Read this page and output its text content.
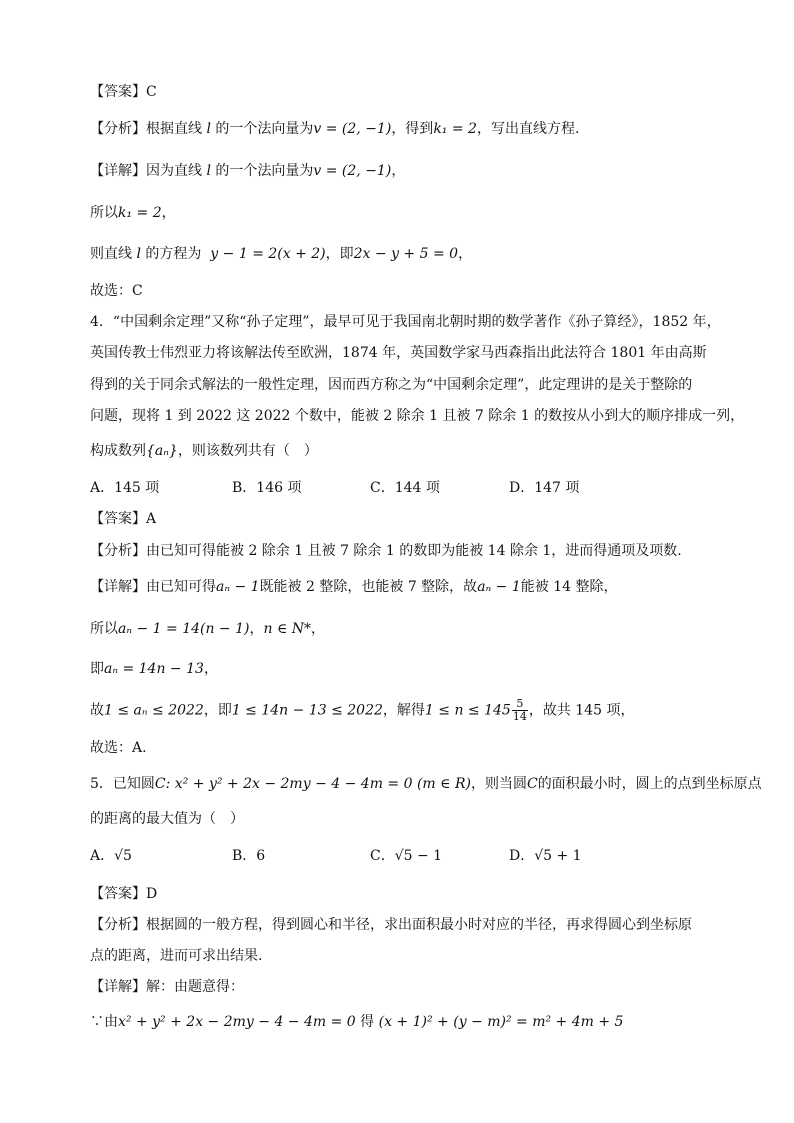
【答案】C
【分析】根据直线 l 的一个法向量为v = (2, −1)，得到k₁ = 2，写出直线方程.
【详解】因为直线 l 的一个法向量为v = (2, −1)，
所以k₁ = 2，
则直线 l 的方程为 y − 1 = 2(x + 2)，即2x − y + 5 = 0，
故选：C
4．“中国剩余定理”又称“孙子定理”，最早可见于我国南北朝时期的数学著作《孙子算经》，1852 年，
英国传教士伟烈亚力将该解法传至欧洲，1874 年，英国数学家马西森指出此法符合 1801 年由高斯
得到的关于同余式解法的一般性定理，因而西方称之为“中国剩余定理”，此定理讲的是关于整除的
问题，现将 1 到 2022 这 2022 个数中，能被 2 除余 1 且被 7 除余 1 的数按从小到大的顺序排成一列，
构成数列{aₙ}，则该数列共有（　）
A．145 项	B．146 项	C．144 项	D．147 项
【答案】A
【分析】由已知可得能被 2 除余 1 且被 7 除余 1 的数即为能被 14 除余 1，进而得通项及项数.
【详解】由已知可得aₙ − 1既能被 2 整除，也能被 7 整除，故aₙ − 1能被 14 整除，
所以aₙ − 1 = 14(n − 1)，n ∈ N*，
即aₙ = 14n − 13，
故1 ≤ aₙ ≤ 2022，即1 ≤ 14n − 13 ≤ 2022，解得$1 \le n \le 145 \frac{5}{14}$ ，故共 145 项，
故选：A.
5．已知圆C: x² + y² + 2x − 2my − 4 − 4m = 0 (m ∈ R)，则当圆C的面积最小时，圆上的点到坐标原点
的距离的最大值为（　）
A．√5	B．6	C．√5 − 1	D．√5 + 1
【答案】D
【分析】根据圆的一般方程，得到圆心和半径，求出面积最小时对应的半径，再求得圆心到坐标原
点的距离，进而可求出结果.
【详解】解：由题意得：
∵由x² + y² + 2x − 2my − 4 − 4m = 0 得 (x + 1)² + (y − m)² = m² + 4m + 5
